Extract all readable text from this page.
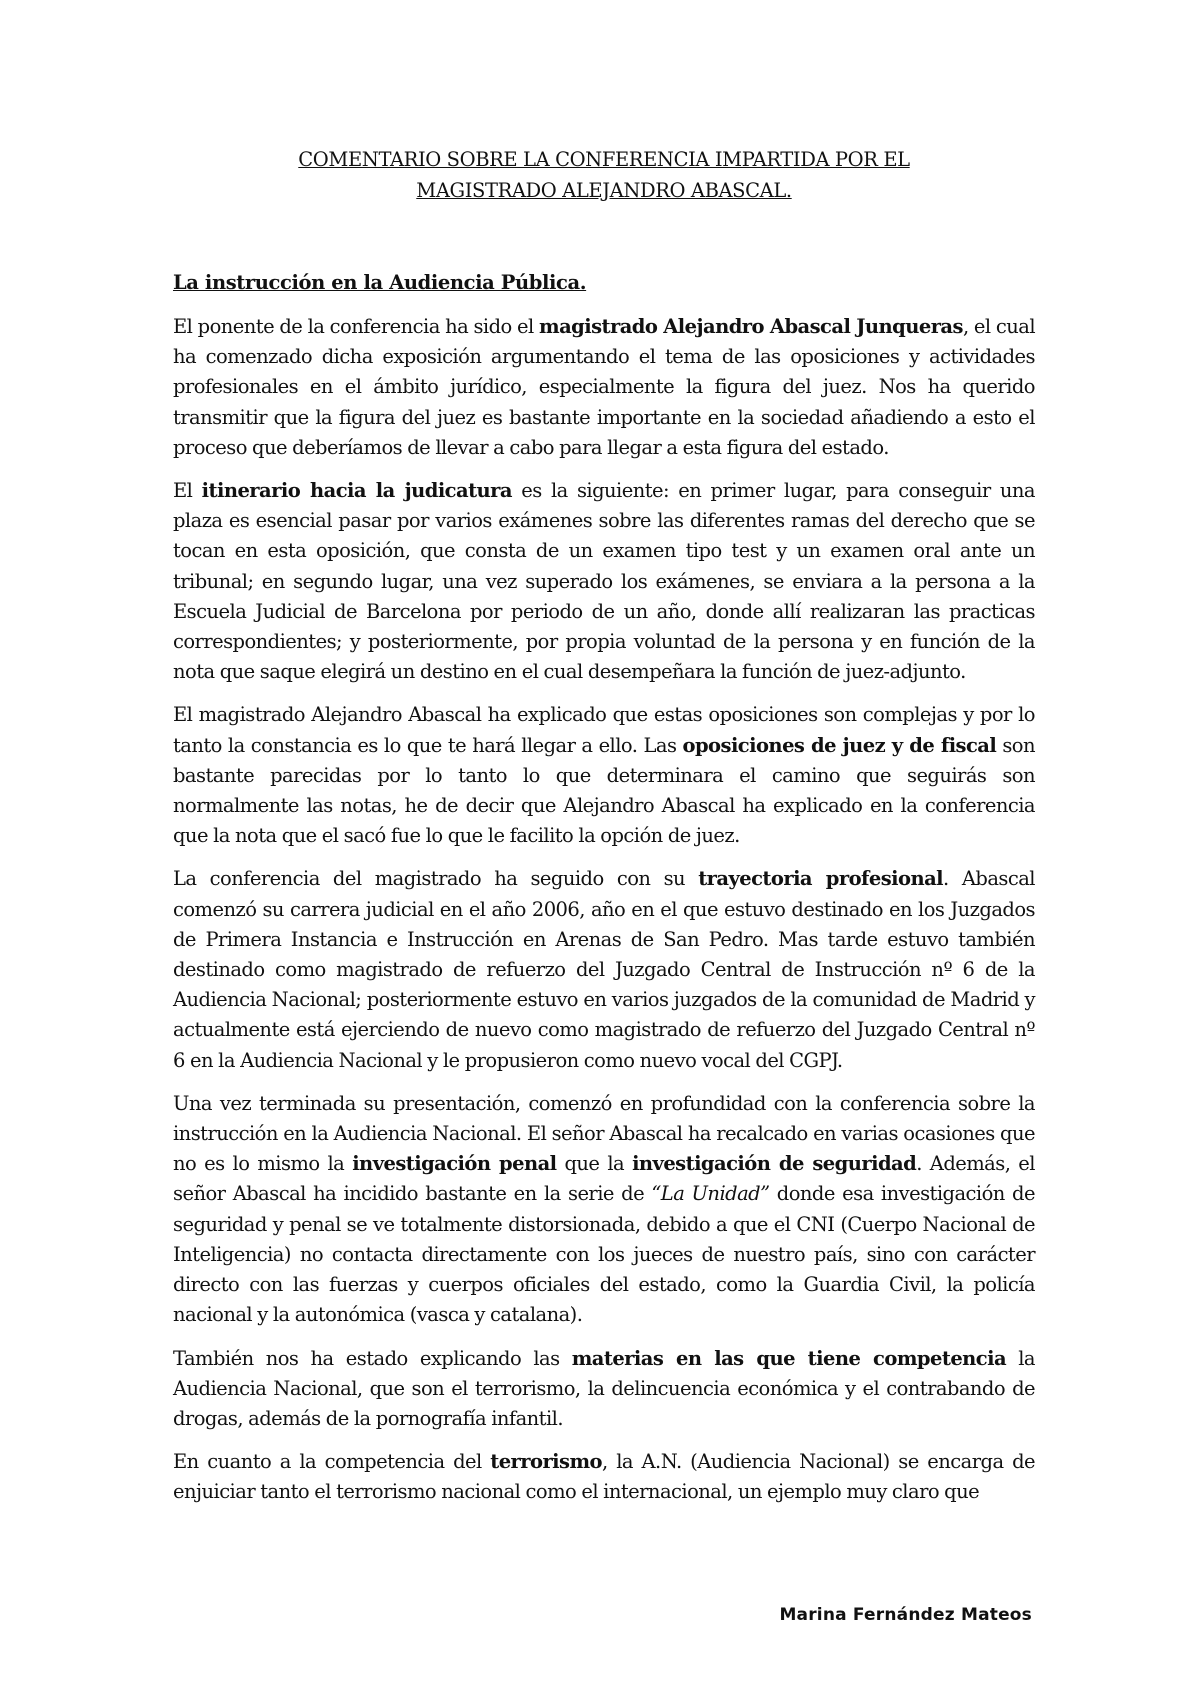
COMENTARIO SOBRE LA CONFERENCIA IMPARTIDA POR EL
MAGISTRADO ALEJANDRO ABASCAL.
La instrucción en la Audiencia Pública.

El ponente de la conferencia ha sido el magistrado Alejandro Abascal Junqueras, el cual ha comenzado dicha exposición argumentando el tema de las oposiciones y actividades profesionales en el ámbito jurídico, especialmente la figura del juez. Nos ha querido transmitir que la figura del juez es bastante importante en la sociedad añadiendo a esto el proceso que deberíamos de llevar a cabo para llegar a esta figura del estado.

El itinerario hacia la judicatura es la siguiente: en primer lugar, para conseguir una plaza es esencial pasar por varios exámenes sobre las diferentes ramas del derecho que se tocan en esta oposición, que consta de un examen tipo test y un examen oral ante un tribunal; en segundo lugar, una vez superado los exámenes, se enviara a la persona a la Escuela Judicial de Barcelona por periodo de un año, donde allí realizaran las practicas correspondientes; y posteriormente, por propia voluntad de la persona y en función de la nota que saque elegirá un destino en el cual desempeñara la función de juez-adjunto.

El magistrado Alejandro Abascal ha explicado que estas oposiciones son complejas y por lo tanto la constancia es lo que te hará llegar a ello. Las oposiciones de juez y de fiscal son bastante parecidas por lo tanto lo que determinara el camino que seguirás son normalmente las notas, he de decir que Alejandro Abascal ha explicado en la conferencia que la nota que el sacó fue lo que le facilito la opción de juez.

La conferencia del magistrado ha seguido con su trayectoria profesional. Abascal comenzó su carrera judicial en el año 2006, año en el que estuvo destinado en los Juzgados de Primera Instancia e Instrucción en Arenas de San Pedro. Mas tarde estuvo también destinado como magistrado de refuerzo del Juzgado Central de Instrucción nº 6 de la Audiencia Nacional; posteriormente estuvo en varios juzgados de la comunidad de Madrid y actualmente está ejerciendo de nuevo como magistrado de refuerzo del Juzgado Central nº 6 en la Audiencia Nacional y le propusieron como nuevo vocal del CGPJ.

Una vez terminada su presentación, comenzó en profundidad con la conferencia sobre la instrucción en la Audiencia Nacional. El señor Abascal ha recalcado en varias ocasiones que no es lo mismo la investigación penal que la investigación de seguridad. Además, el señor Abascal ha incidido bastante en la serie de “La Unidad” donde esa investigación de seguridad y penal se ve totalmente distorsionada, debido a que el CNI (Cuerpo Nacional de Inteligencia) no contacta directamente con los jueces de nuestro país, sino con carácter directo con las fuerzas y cuerpos oficiales del estado, como la Guardia Civil, la policía nacional y la autonómica (vasca y catalana).

También nos ha estado explicando las materias en las que tiene competencia la Audiencia Nacional, que son el terrorismo, la delincuencia económica y el contrabando de drogas, además de la pornografía infantil.

En cuanto a la competencia del terrorismo, la A.N. (Audiencia Nacional) se encarga de enjuiciar tanto el terrorismo nacional como el internacional, un ejemplo muy claro que

Marina Fernández Mateos
